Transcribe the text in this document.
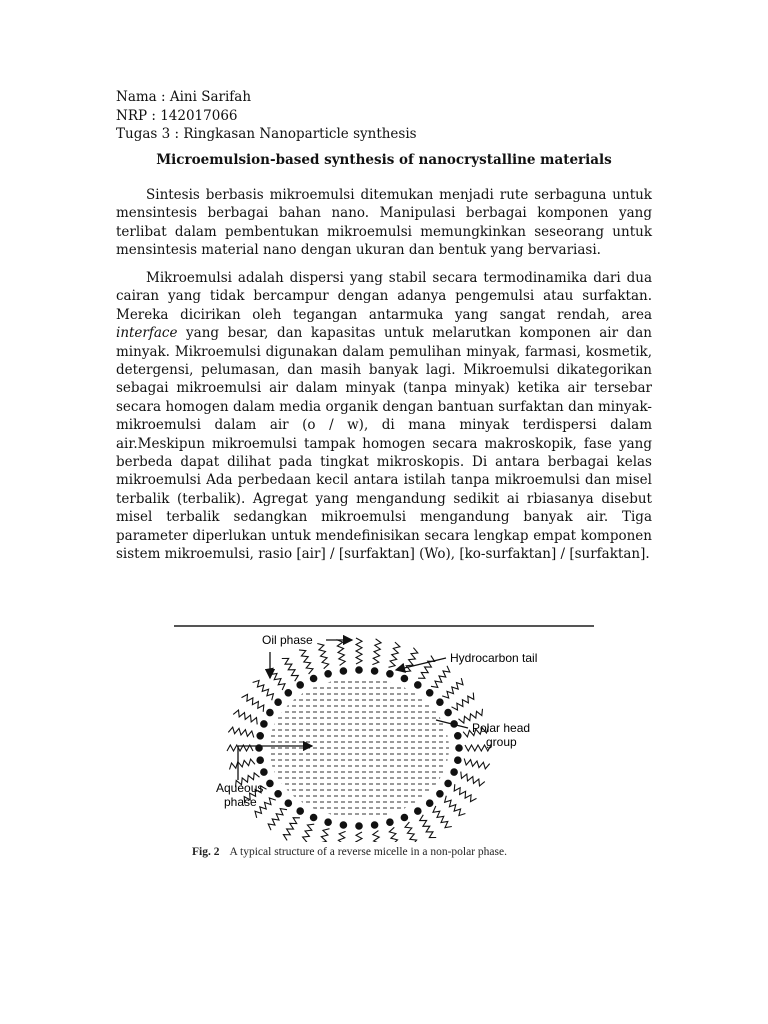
Nama : Aini Sarifah
NRP : 142017066
Tugas 3 : Ringkasan Nanoparticle synthesis
Microemulsion-based synthesis of nanocrystalline materials

Sintesis berbasis mikroemulsi ditemukan menjadi rute serbaguna untuk mensintesis berbagai bahan nano. Manipulasi berbagai komponen yang terlibat dalam pembentukan mikroemulsi memungkinkan seseorang untuk mensintesis material nano dengan ukuran dan bentuk yang bervariasi.

Mikroemulsi adalah dispersi yang stabil secara termodinamika dari dua cairan yang tidak bercampur dengan adanya pengemulsi atau surfaktan. Mereka dicirikan oleh tegangan antarmuka yang sangat rendah, area interface yang besar, dan kapasitas untuk melarutkan komponen air dan minyak. Mikroemulsi digunakan dalam pemulihan minyak, farmasi, kosmetik, detergensi, pelumasan, dan masih banyak lagi. Mikroemulsi dikategorikan sebagai mikroemulsi air dalam minyak (tanpa minyak) ketika air tersebar secara homogen dalam media organik dengan bantuan surfaktan dan minyak- mikroemulsi dalam air (o / w), di mana minyak terdispersi dalam air.Meskipun mikroemulsi tampak homogen secara makroskopik, fase yang berbeda dapat dilihat pada tingkat mikroskopis. Di antara berbagai kelas mikroemulsi Ada perbedaan kecil antara istilah tanpa mikroemulsi dan misel terbalik (terbalik). Agregat yang mengandung sedikit ai rbiasanya disebut misel terbalik sedangkan mikroemulsi mengandung banyak air. Tiga parameter diperlukan untuk mendefinisikan secara lengkap empat komponen sistem mikroemulsi, rasio [air] / [surfaktan] (Wo), [ko-surfaktan] / [surfaktan].

Oil phase
Hydrocarbon tail
Polar head
group
Aqueous
phase
Fig. 2 A typical structure of a reverse micelle in a non-polar phase.
